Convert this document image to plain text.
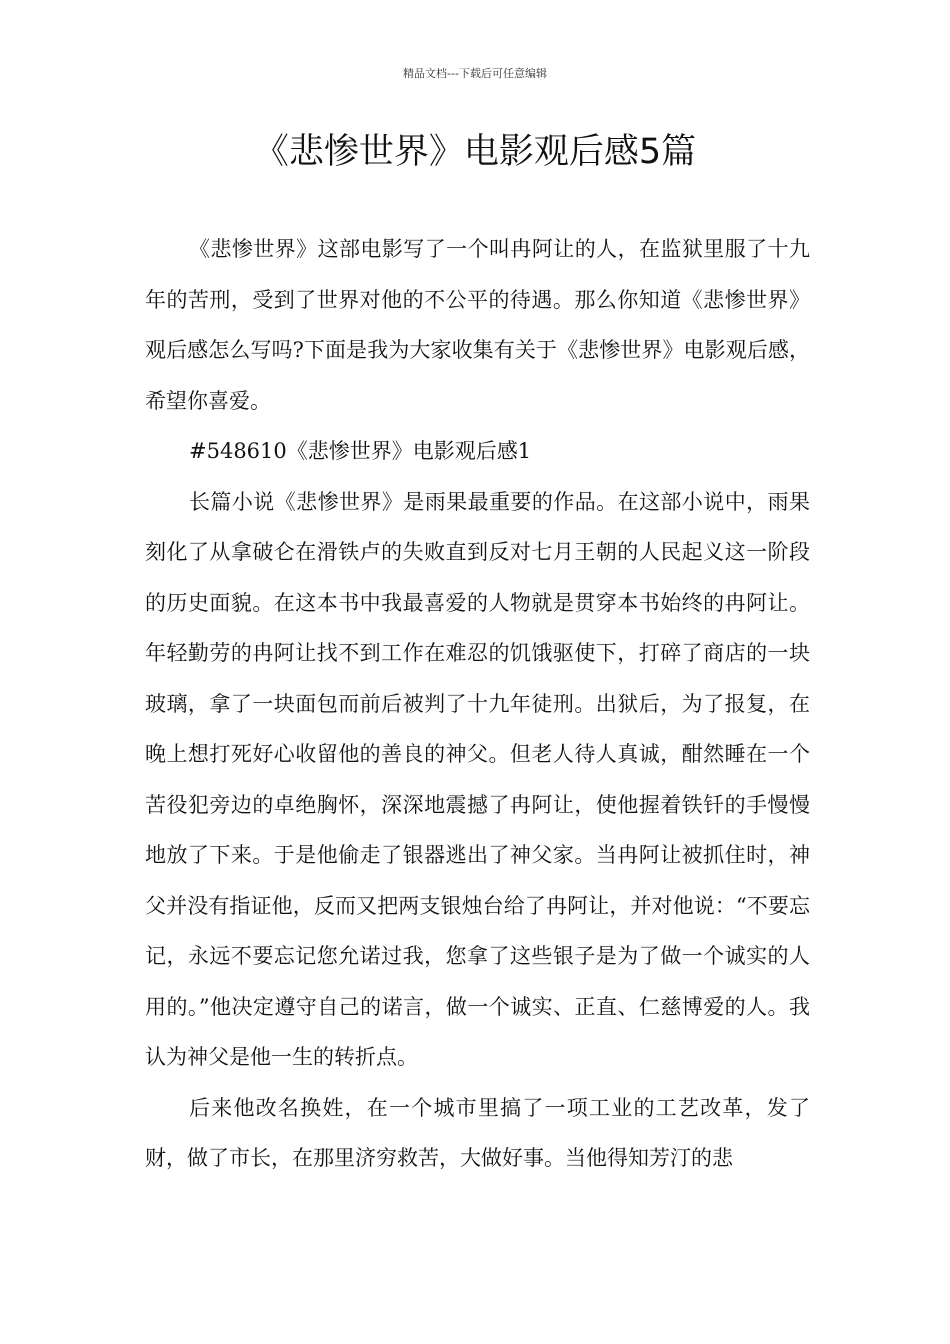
精品文档---下载后可任意编辑
《悲惨世界》电影观后感5篇

《悲惨世界》这部电影写了一个叫冉阿让的人，在监狱里服了十九年的苦刑，受到了世界对他的不公平的待遇。那么你知道《悲惨世界》观后感怎么写吗?下面是我为大家收集有关于《悲惨世界》电影观后感，希望你喜爱。

#548610《悲惨世界》电影观后感1

长篇小说《悲惨世界》是雨果最重要的作品。在这部小说中，雨果刻化了从拿破仑在滑铁卢的失败直到反对七月王朝的人民起义这一阶段的历史面貌。在这本书中我最喜爱的人物就是贯穿本书始终的冉阿让。年轻勤劳的冉阿让找不到工作在难忍的饥饿驱使下，打碎了商店的一块玻璃，拿了一块面包而前后被判了十九年徒刑。出狱后，为了报复，在晚上想打死好心收留他的善良的神父。但老人待人真诚，酣然睡在一个苦役犯旁边的卓绝胸怀，深深地震撼了冉阿让，使他握着铁钎的手慢慢地放了下来。于是他偷走了银器逃出了神父家。当冉阿让被抓住时，神父并没有指证他，反而又把两支银烛台给了冉阿让，并对他说：“不要忘记，永远不要忘记您允诺过我，您拿了这些银子是为了做一个诚实的人用的。”他决定遵守自己的诺言，做一个诚实、正直、仁慈博爱的人。我认为神父是他一生的转折点。

后来他改名换姓，在一个城市里搞了一项工业的工艺改革，发了财，做了市长，在那里济穷救苦，大做好事。当他得知芳汀的悲
